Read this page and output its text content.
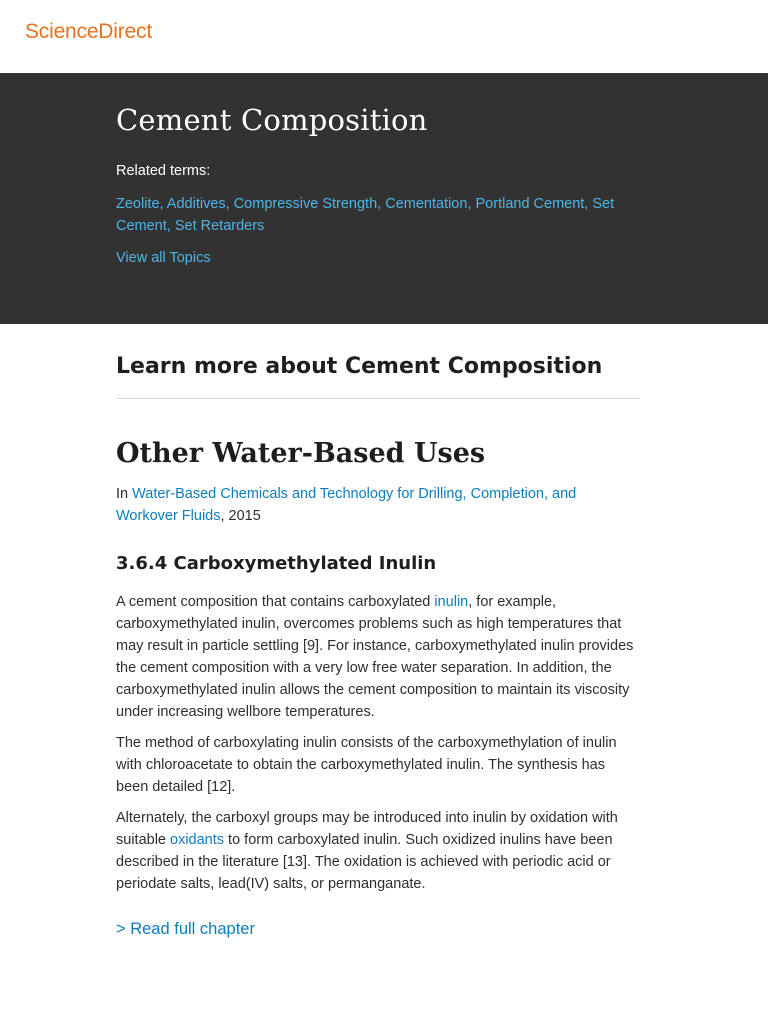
ScienceDirect
Cement Composition
Related terms:
Zeolite, Additives, Compressive Strength, Cementation, Portland Cement, Set Cement, Set Retarders
View all Topics
Learn more about Cement Composition
Other Water-Based Uses
In Water-Based Chemicals and Technology for Drilling, Completion, and Workover Fluids, 2015
3.6.4 Carboxymethylated Inulin

A cement composition that contains carboxylated inulin, for example, carboxymethylated inulin, overcomes problems such as high temperatures that may result in particle settling [9]. For instance, carboxymethylated inulin provides the cement composition with a very low free water separation. In addition, the carboxymethylated inulin allows the cement composition to maintain its viscosity under increasing wellbore temperatures.

The method of carboxylating inulin consists of the carboxymethylation of inulin with chloroacetate to obtain the carboxymethylated inulin. The synthesis has been detailed [12].

Alternately, the carboxyl groups may be introduced into inulin by oxidation with suitable oxidants to form carboxylated inulin. Such oxidized inulins have been described in the literature [13]. The oxidation is achieved with periodic acid or periodate salts, lead(IV) salts, or permanganate.

> Read full chapter
